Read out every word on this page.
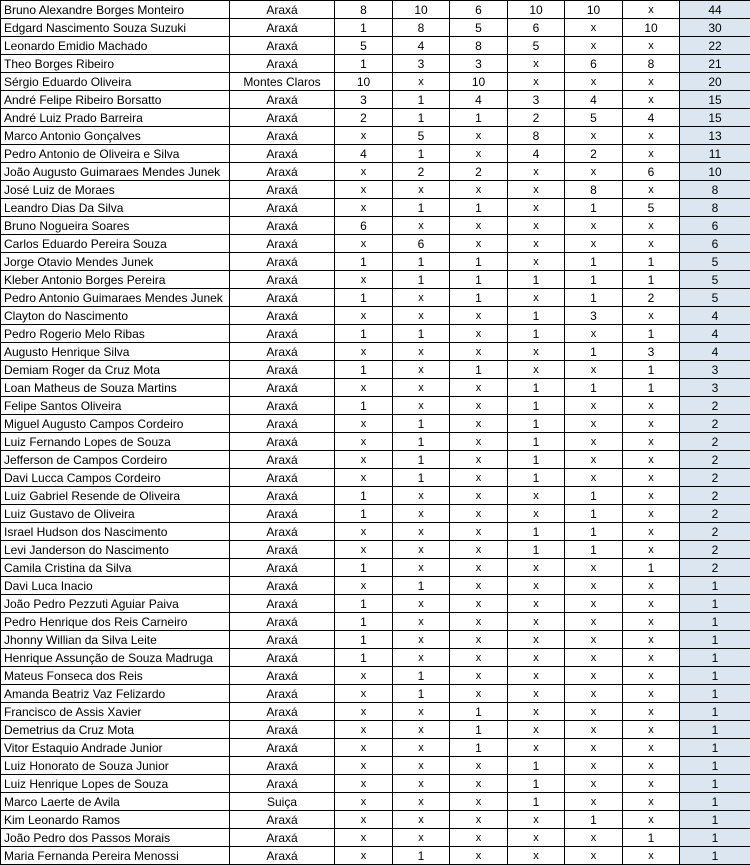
Bruno Alexandre Borges Monteiro	Araxá	8	10	6	10	10	x	44
Edgard Nascimento Souza Suzuki	Araxá	1	8	5	6	x	10	30
Leonardo Emidio Machado	Araxá	5	4	8	5	x	x	22
Theo Borges Ribeiro	Araxá	1	3	3	x	6	8	21
Sérgio Eduardo Oliveira	Montes Claros	10	x	10	x	x	x	20
André Felipe Ribeiro Borsatto	Araxá	3	1	4	3	4	x	15
André Luiz Prado Barreira	Araxá	2	1	1	2	5	4	15
Marco Antonio Gonçalves	Araxá	x	5	x	8	x	x	13
Pedro Antonio de Oliveira e Silva	Araxá	4	1	x	4	2	x	11
João Augusto Guimaraes Mendes Junek	Araxá	x	2	2	x	x	6	10
José Luiz de Moraes	Araxá	x	x	x	x	8	x	8
Leandro Dias Da Silva	Araxá	x	1	1	x	1	5	8
Bruno Nogueira Soares	Araxá	6	x	x	x	x	x	6
Carlos Eduardo Pereira Souza	Araxá	x	6	x	x	x	x	6
Jorge Otavio Mendes Junek	Araxá	1	1	1	x	1	1	5
Kleber Antonio Borges Pereira	Araxá	x	1	1	1	1	1	5
Pedro Antonio Guimaraes Mendes Junek	Araxá	1	x	1	x	1	2	5
Clayton do Nascimento	Araxá	x	x	x	1	3	x	4
Pedro Rogerio Melo Ribas	Araxá	1	1	x	1	x	1	4
Augusto Henrique Silva	Araxá	x	x	x	x	1	3	4
Demiam Roger da Cruz Mota	Araxá	1	x	1	x	x	1	3
Loan Matheus de Souza Martins	Araxá	x	x	x	1	1	1	3
Felipe Santos Oliveira	Araxá	1	x	x	1	x	x	2
Miguel Augusto Campos Cordeiro	Araxá	x	1	x	1	x	x	2
Luiz Fernando Lopes de Souza	Araxá	x	1	x	1	x	x	2
Jefferson de Campos Cordeiro	Araxá	x	1	x	1	x	x	2
Davi Lucca Campos Cordeiro	Araxá	x	1	x	1	x	x	2
Luiz Gabriel Resende de Oliveira	Araxá	1	x	x	x	1	x	2
Luiz Gustavo de Oliveira	Araxá	1	x	x	x	1	x	2
Israel Hudson dos Nascimento	Araxá	x	x	x	1	1	x	2
Levi Janderson do Nascimento	Araxá	x	x	x	1	1	x	2
Camila Cristina da Silva	Araxá	1	x	x	x	x	1	2
Davi Luca Inacio	Araxá	x	1	x	x	x	x	1
João Pedro Pezzuti Aguiar Paiva	Araxá	1	x	x	x	x	x	1
Pedro Henrique dos Reis Carneiro	Araxá	1	x	x	x	x	x	1
Jhonny Willian da Silva Leite	Araxá	1	x	x	x	x	x	1
Henrique Assunção de Souza Madruga	Araxá	1	x	x	x	x	x	1
Mateus Fonseca dos Reis	Araxá	x	1	x	x	x	x	1
Amanda Beatriz Vaz Felizardo	Araxá	x	1	x	x	x	x	1
Francisco de Assis Xavier	Araxá	x	x	1	x	x	x	1
Demetrius da Cruz Mota	Araxá	x	x	1	x	x	x	1
Vitor Estaquio Andrade Junior	Araxá	x	x	1	x	x	x	1
Luiz Honorato de Souza Junior	Araxá	x	x	x	1	x	x	1
Luiz Henrique Lopes de Souza	Araxá	x	x	x	1	x	x	1
Marco Laerte de Avila	Suiça	x	x	x	1	x	x	1
Kim Leonardo Ramos	Araxá	x	x	x	x	1	x	1
João Pedro dos Passos Morais	Araxá	x	x	x	x	x	1	1
Maria Fernanda Pereira Menossi	Araxá	x	1	x	x	x	x	1
